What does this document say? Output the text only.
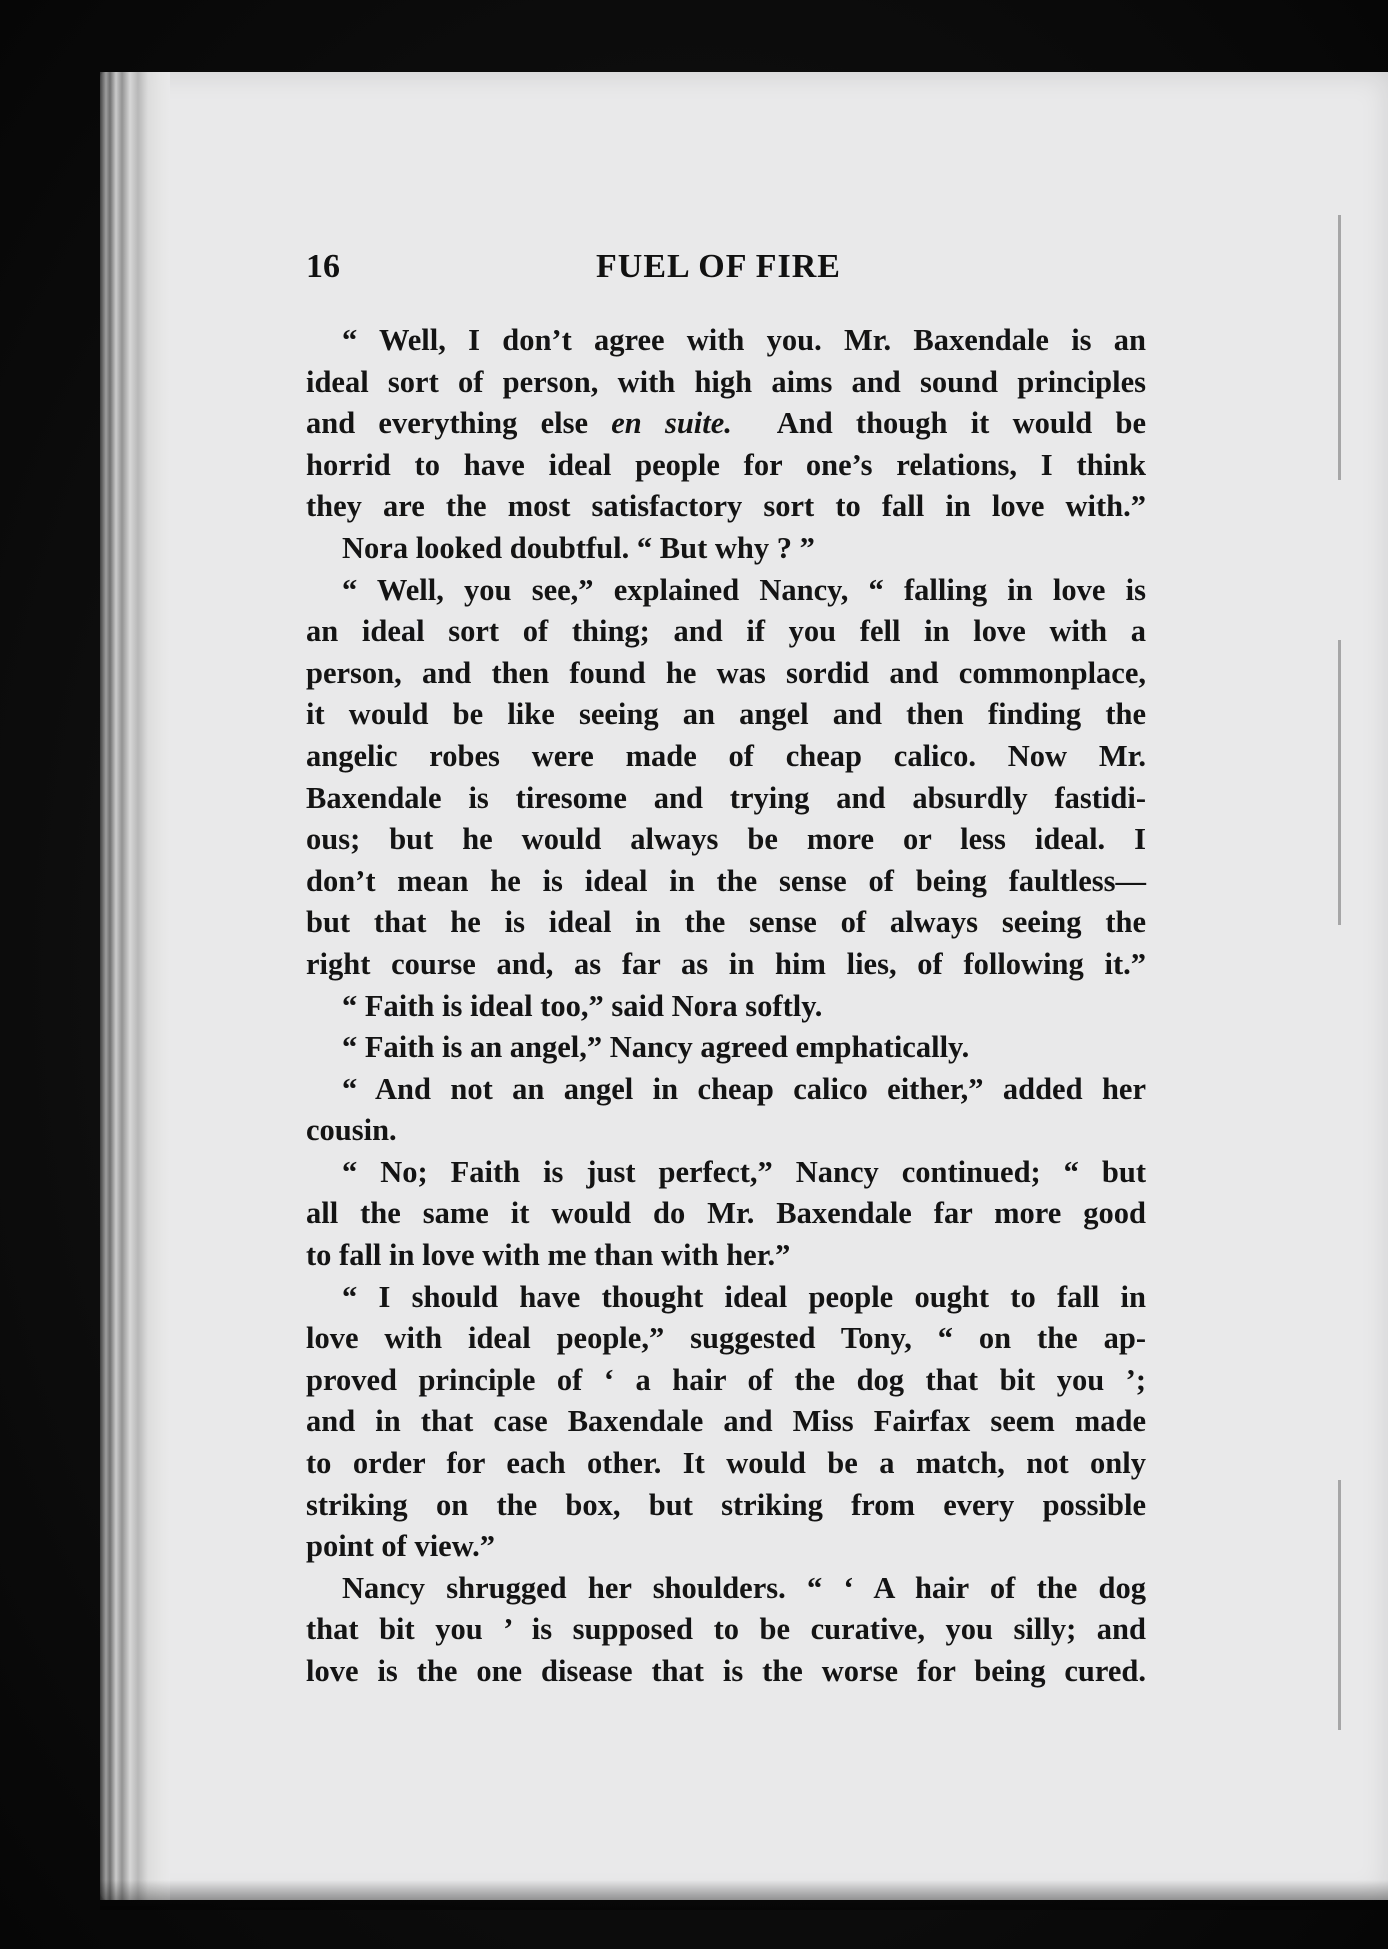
16	FUEL OF FIRE
“ Well, I don’t agree with you. Mr. Baxendale is an
ideal sort of person, with high aims and sound principles
and everything else en suite.  And though it would be
horrid to have ideal people for one’s relations, I think
they are the most satisfactory sort to fall in love with.”
Nora looked doubtful. “ But why ? ”
“ Well, you see,” explained Nancy, “ falling in love is
an ideal sort of thing; and if you fell in love with a
person, and then found he was sordid and commonplace,
it would be like seeing an angel and then finding the
angelic robes were made of cheap calico. Now Mr.
Baxendale is tiresome and trying and absurdly fastidi-
ous; but he would always be more or less ideal. I
don’t mean he is ideal in the sense of being faultless—
but that he is ideal in the sense of always seeing the
right course and, as far as in him lies, of following it.”
“ Faith is ideal too,” said Nora softly.
“ Faith is an angel,” Nancy agreed emphatically.
“ And not an angel in cheap calico either,” added her
cousin.
“ No; Faith is just perfect,” Nancy continued; “ but
all the same it would do Mr. Baxendale far more good
to fall in love with me than with her.”
“ I should have thought ideal people ought to fall in
love with ideal people,” suggested Tony, “ on the ap-
proved principle of ‘ a hair of the dog that bit you ’;
and in that case Baxendale and Miss Fairfax seem made
to order for each other. It would be a match, not only
striking on the box, but striking from every possible
point of view.”
Nancy shrugged her shoulders. “ ‘ A hair of the dog
that bit you ’ is supposed to be curative, you silly; and
love is the one disease that is the worse for being cured.
